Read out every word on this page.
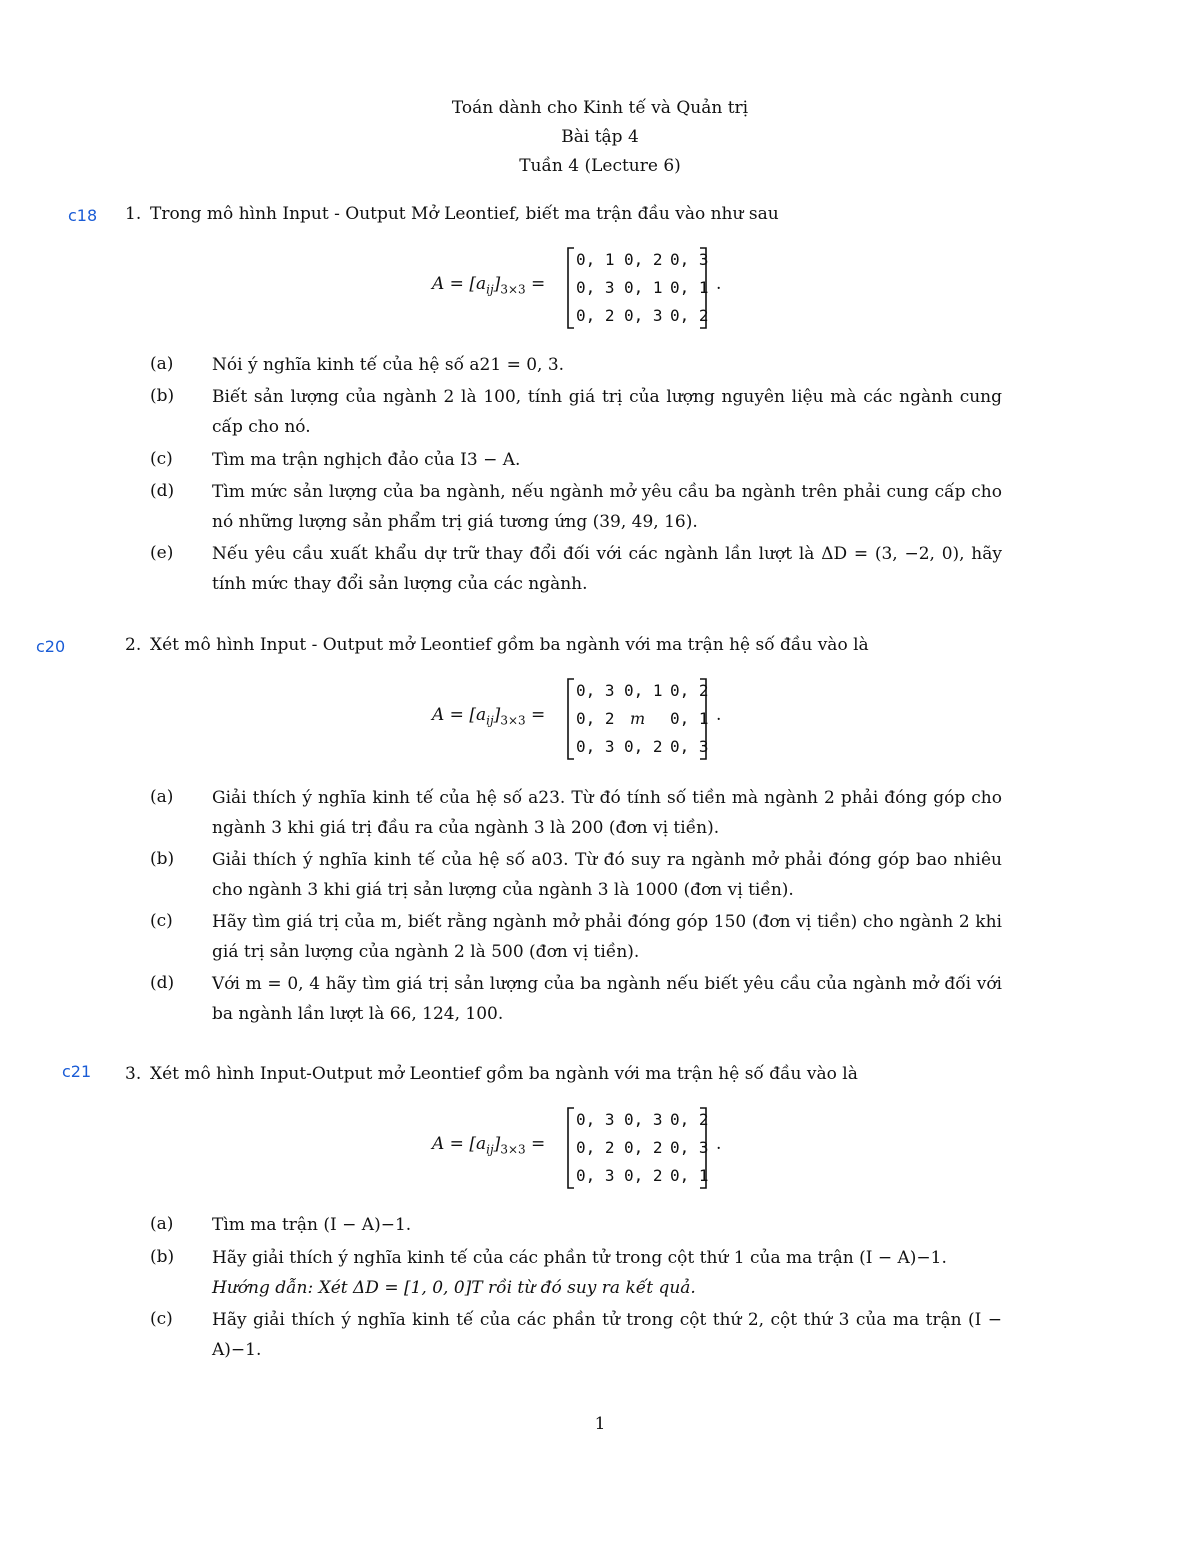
Toán dành cho Kinh tế và Quản trị
Bài tập 4
Tuần 4 (Lecture 6)
c18 1. Trong mô hình Input - Output Mở Leontief, biết ma trận đầu vào như sau
$A = [a_{ij}]_{3\times 3}$ =
0, 1 0, 2 0, 3
0, 3 0, 1 0, 1
0, 2 0, 3 0, 2
.
(a) Nói ý nghĩa kinh tế của hệ số a21 = 0, 3.
(b) Biết sản lượng của ngành 2 là 100, tính giá trị của lượng nguyên liệu mà các ngành cung cấp cho nó.
(c) Tìm ma trận nghịch đảo của I3 − A.
(d) Tìm mức sản lượng của ba ngành, nếu ngành mở yêu cầu ba ngành trên phải cung cấp cho nó những lượng sản phẩm trị giá tương ứng (39, 49, 16).
(e) Nếu yêu cầu xuất khẩu dự trữ thay đổi đối với các ngành lần lượt là ΔD = (3, −2, 0), hãy tính mức thay đổi sản lượng của các ngành.
c20	2. Xét mô hình Input - Output mở Leontief gồm ba ngành với ma trận hệ số đầu vào là
$A = [a_{ij}]_{3\times 3}$ =
0, 3 0, 1 0, 2
0, 2 m	0, 1
0, 3 0, 2 0, 3
.
(a) Giải thích ý nghĩa kinh tế của hệ số a23. Từ đó tính số tiền mà ngành 2 phải đóng góp cho ngành 3 khi giá trị đầu ra của ngành 3 là 200 (đơn vị tiền).
(b) Giải thích ý nghĩa kinh tế của hệ số a03. Từ đó suy ra ngành mở phải đóng góp bao nhiêu cho ngành 3 khi giá trị sản lượng của ngành 3 là 1000 (đơn vị tiền).
(c) Hãy tìm giá trị của m, biết rằng ngành mở phải đóng góp 150 (đơn vị tiền) cho ngành 2 khi giá trị sản lượng của ngành 2 là 500 (đơn vị tiền).
(d) Với m = 0, 4 hãy tìm giá trị sản lượng của ba ngành nếu biết yêu cầu của ngành mở đối với ba ngành lần lượt là 66, 124, 100.
c21 3. Xét mô hình Input-Output mở Leontief gồm ba ngành với ma trận hệ số đầu vào là
$A = [a_{ij}]_{3\times 3}$ =
0, 3 0, 3 0, 2
0, 2 0, 2 0, 3
0, 3 0, 2 0, 1
.
(a) Tìm ma trận (I − A)−1.
(b) Hãy giải thích ý nghĩa kinh tế của các phần tử trong cột thứ 1 của ma trận (I − A)−1.
Hướng dẫn: Xét ΔD = [1, 0, 0]T rồi từ đó suy ra kết quả.
(c) Hãy giải thích ý nghĩa kinh tế của các phần tử trong cột thứ 2, cột thứ 3 của ma trận (I − A)−1.
1
